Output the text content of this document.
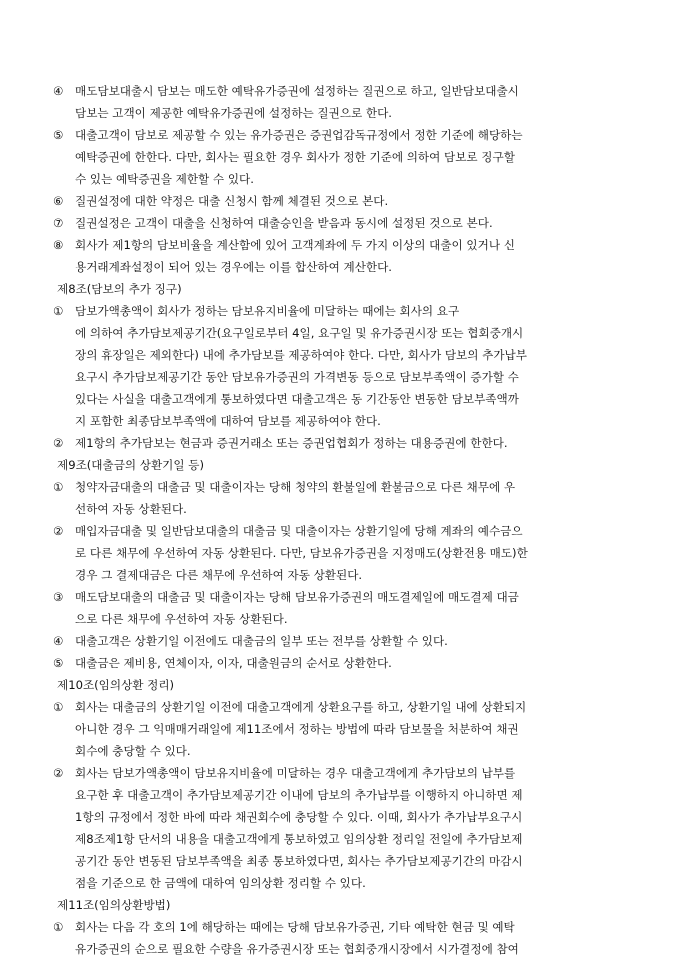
④ 매도담보대출시 담보는 매도한 예탁유가증권에 설정하는 질권으로 하고, 일반담보대출시
담보는 고객이 제공한 예탁유가증권에 설정하는 질권으로 한다.
⑤ 대출고객이 담보로 제공할 수 있는 유가증권은 증권업감독규정에서 정한 기준에 해당하는
예탁증권에 한한다. 다만, 회사는 필요한 경우 회사가 정한 기준에 의하여 담보로 징구할
수 있는 예탁증권을 제한할 수 있다.
⑥ 질권설정에 대한 약정은 대출 신청시 함께 체결된 것으로 본다.
⑦ 질권설정은 고객이 대출을 신청하여 대출승인을 받음과 동시에 설정된 것으로 본다.
⑧ 회사가 제1항의 담보비율을 계산함에 있어 고객계좌에 두 가지 이상의 대출이 있거나 신
용거래계좌설정이 되어 있는 경우에는 이를 합산하여 계산한다.
제8조(담보의 추가 징구)
① 담보가액총액이 회사가 정하는 담보유지비율에 미달하는 때에는 회사의 요구
에 의하여 추가담보제공기간(요구일로부터 4일, 요구일 및 유가증권시장 또는 협회중개시
장의 휴장일은 제외한다) 내에 추가담보를 제공하여야 한다. 다만, 회사가 담보의 추가납부
요구시 추가담보제공기간 동안 담보유가증권의 가격변동 등으로 담보부족액이 증가할 수
있다는 사실을 대출고객에게 통보하였다면 대출고객은 동 기간동안 변동한 담보부족액까
지 포함한 최종담보부족액에 대하여 담보를 제공하여야 한다.
② 제1항의 추가담보는 현금과 증권거래소 또는 증권업협회가 정하는 대용증권에 한한다.
제9조(대출금의 상환기일 등)
① 청약자금대출의 대출금 및 대출이자는 당해 청약의 환불일에 환불금으로 다른 채무에 우
선하여 자동 상환된다.
② 매입자금대출 및 일반담보대출의 대출금 및 대출이자는 상환기일에 당해 계좌의 예수금으
로 다른 채무에 우선하여 자동 상환된다. 다만, 담보유가증권을 지정매도(상환전용 매도)한
경우 그 결제대금은 다른 채무에 우선하여 자동 상환된다.
③ 매도담보대출의 대출금 및 대출이자는 당해 담보유가증권의 매도결제일에 매도결제 대금
으로 다른 채무에 우선하여 자동 상환된다.
④ 대출고객은 상환기일 이전에도 대출금의 일부 또는 전부를 상환할 수 있다.
⑤ 대출금은 제비용, 연체이자, 이자, 대출원금의 순서로 상환한다.
제10조(임의상환 정리)
① 회사는 대출금의 상환기일 이전에 대출고객에게 상환요구를 하고, 상환기일 내에 상환되지
아니한 경우 그 익매매거래일에 제11조에서 정하는 방법에 따라 담보물을 처분하여 채권
회수에 충당할 수 있다.
② 회사는 담보가액총액이 담보유지비율에 미달하는 경우 대출고객에게 추가담보의 납부를
요구한 후 대출고객이 추가담보제공기간 이내에 담보의 추가납부를 이행하지 아니하면 제
1항의 규정에서 정한 바에 따라 채권회수에 충당할 수 있다. 이때, 회사가 추가납부요구시
제8조제1항 단서의 내용을 대출고객에게 통보하였고 임의상환 정리일 전일에 추가담보제
공기간 동안 변동된 담보부족액을 최종 통보하였다면, 회사는 추가담보제공기간의 마감시
점을 기준으로 한 금액에 대하여 임의상환 정리할 수 있다.
제11조(임의상환방법)
① 회사는 다음 각 호의 1에 해당하는 때에는 당해 담보유가증권, 기타 예탁한 현금 및 예탁
유가증권의 순으로 필요한 수량을 유가증권시장 또는 협회중개시장에서 시가결정에 참여
